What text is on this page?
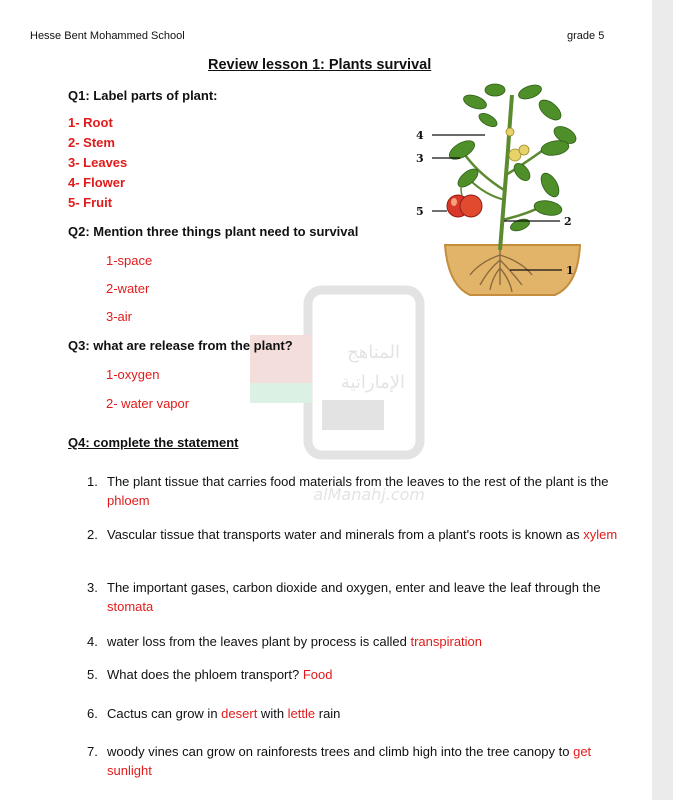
Hesse Bent Mohammed School	grade 5
Review lesson 1: Plants survival
المناهج
الإماراتية
alManahj.com
Q1: Label parts of plant:
1- Root
2- Stem
3- Leaves
4- Flower
5- Fruit
4
3
5
2
1
Q2: Mention three things plant need to survival
1-space
2-water
3-air
Q3: what are release from the plant?
1-oxygen
2- water vapor
Q4: complete the statement
1. The plant tissue that carries food materials from the leaves to the rest of the plant is the phloem
2. Vascular tissue that transports water and minerals from a plant's roots is known as xylem
3. The important gases, carbon dioxide and oxygen, enter and leave the leaf through the stomata
4. water loss from the leaves plant by process is called transpiration
5. What does the phloem transport? Food
6. Cactus can grow in desert with lettle rain
7. woody vines can grow on rainforests trees and climb high into the tree canopy to get sunlight
